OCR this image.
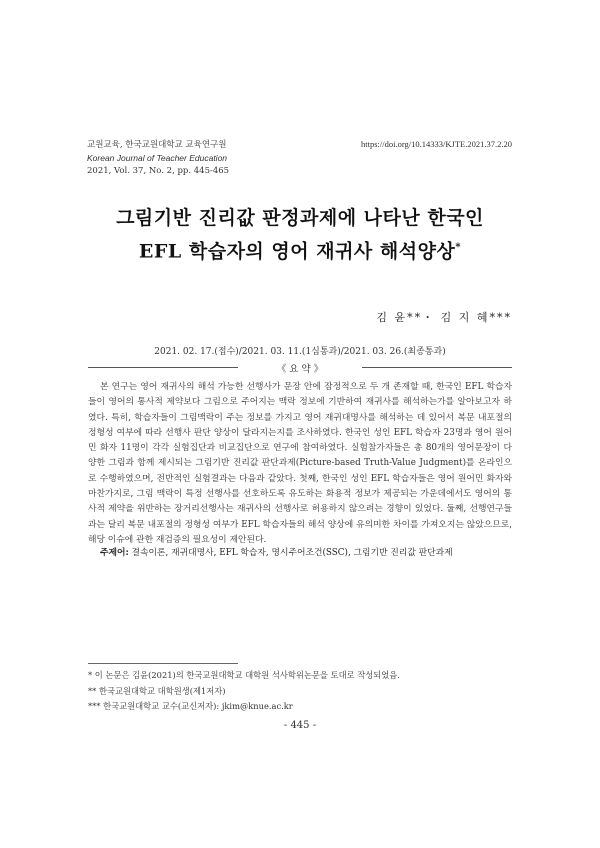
교원교육, 한국교원대학교 교육연구원
Korean Journal of Teacher Education
2021, Vol. 37, No. 2, pp. 445-465
https://doi.org/10.14333/KJTE.2021.37.2.20
그림기반 진리값 판정과제에 나타난 한국인
EFL 학습자의 영어 재귀사 해석양상*
김 윤**・ 김 지 혜***
2021. 02. 17.(접수)/2021. 03. 11.(1심통과)/2021. 03. 26.(최종통과)
《 요 약 》

본 연구는 영어 재귀사의 해석 가능한 선행사가 문장 안에 잠정적으로 두 개 존재할 때, 한국인 EFL 학습자들이 영어의 통사적 제약보다 그림으로 주어지는 맥락 정보에 기반하여 재귀사를 해석하는가를 알아보고자 하였다. 특히, 학습자들이 그림맥락이 주는 정보를 가지고 영어 재귀대명사를 해석하는 데 있어서 복문 내포절의 정형성 여부에 따라 선행사 판단 양상이 달라지는지를 조사하였다. 한국인 성인 EFL 학습자 23명과 영어 원어민 화자 11명이 각각 실험집단과 비교집단으로 연구에 참여하였다. 실험참가자들은 총 80개의 영어문장이 다양한 그림과 함께 제시되는 그림기반 진리값 판단과제(Picture-based Truth-Value Judgment)를 온라인으로 수행하였으며, 전반적인 실험결과는 다음과 같았다. 첫째, 한국인 성인 EFL 학습자들은 영어 원어민 화자와 마찬가지로, 그림 맥락이 특정 선행사를 선호하도록 유도하는 화용적 정보가 제공되는 가운데에서도 영어의 통사적 제약을 위반하는 장거리선행사는 재귀사의 선행사로 허용하지 않으려는 경향이 있었다. 둘째, 선행연구들과는 달리 복문 내포절의 정형성 여부가 EFL 학습자들의 해석 양상에 유의미한 차이를 가져오지는 않았으므로, 해당 이슈에 관한 재검증의 필요성이 제안된다.

주제어: 결속이론, 재귀대명사, EFL 학습자, 명시주어조건(SSC), 그림기반 진리값 판단과제
* 이 논문은 김윤(2021)의 한국교원대학교 대학원 석사학위논문을 토대로 작성되었음.
** 한국교원대학교 대학원생(제1저자)
*** 한국교원대학교 교수(교신저자): jkim@knue.ac.kr
- 445 -
